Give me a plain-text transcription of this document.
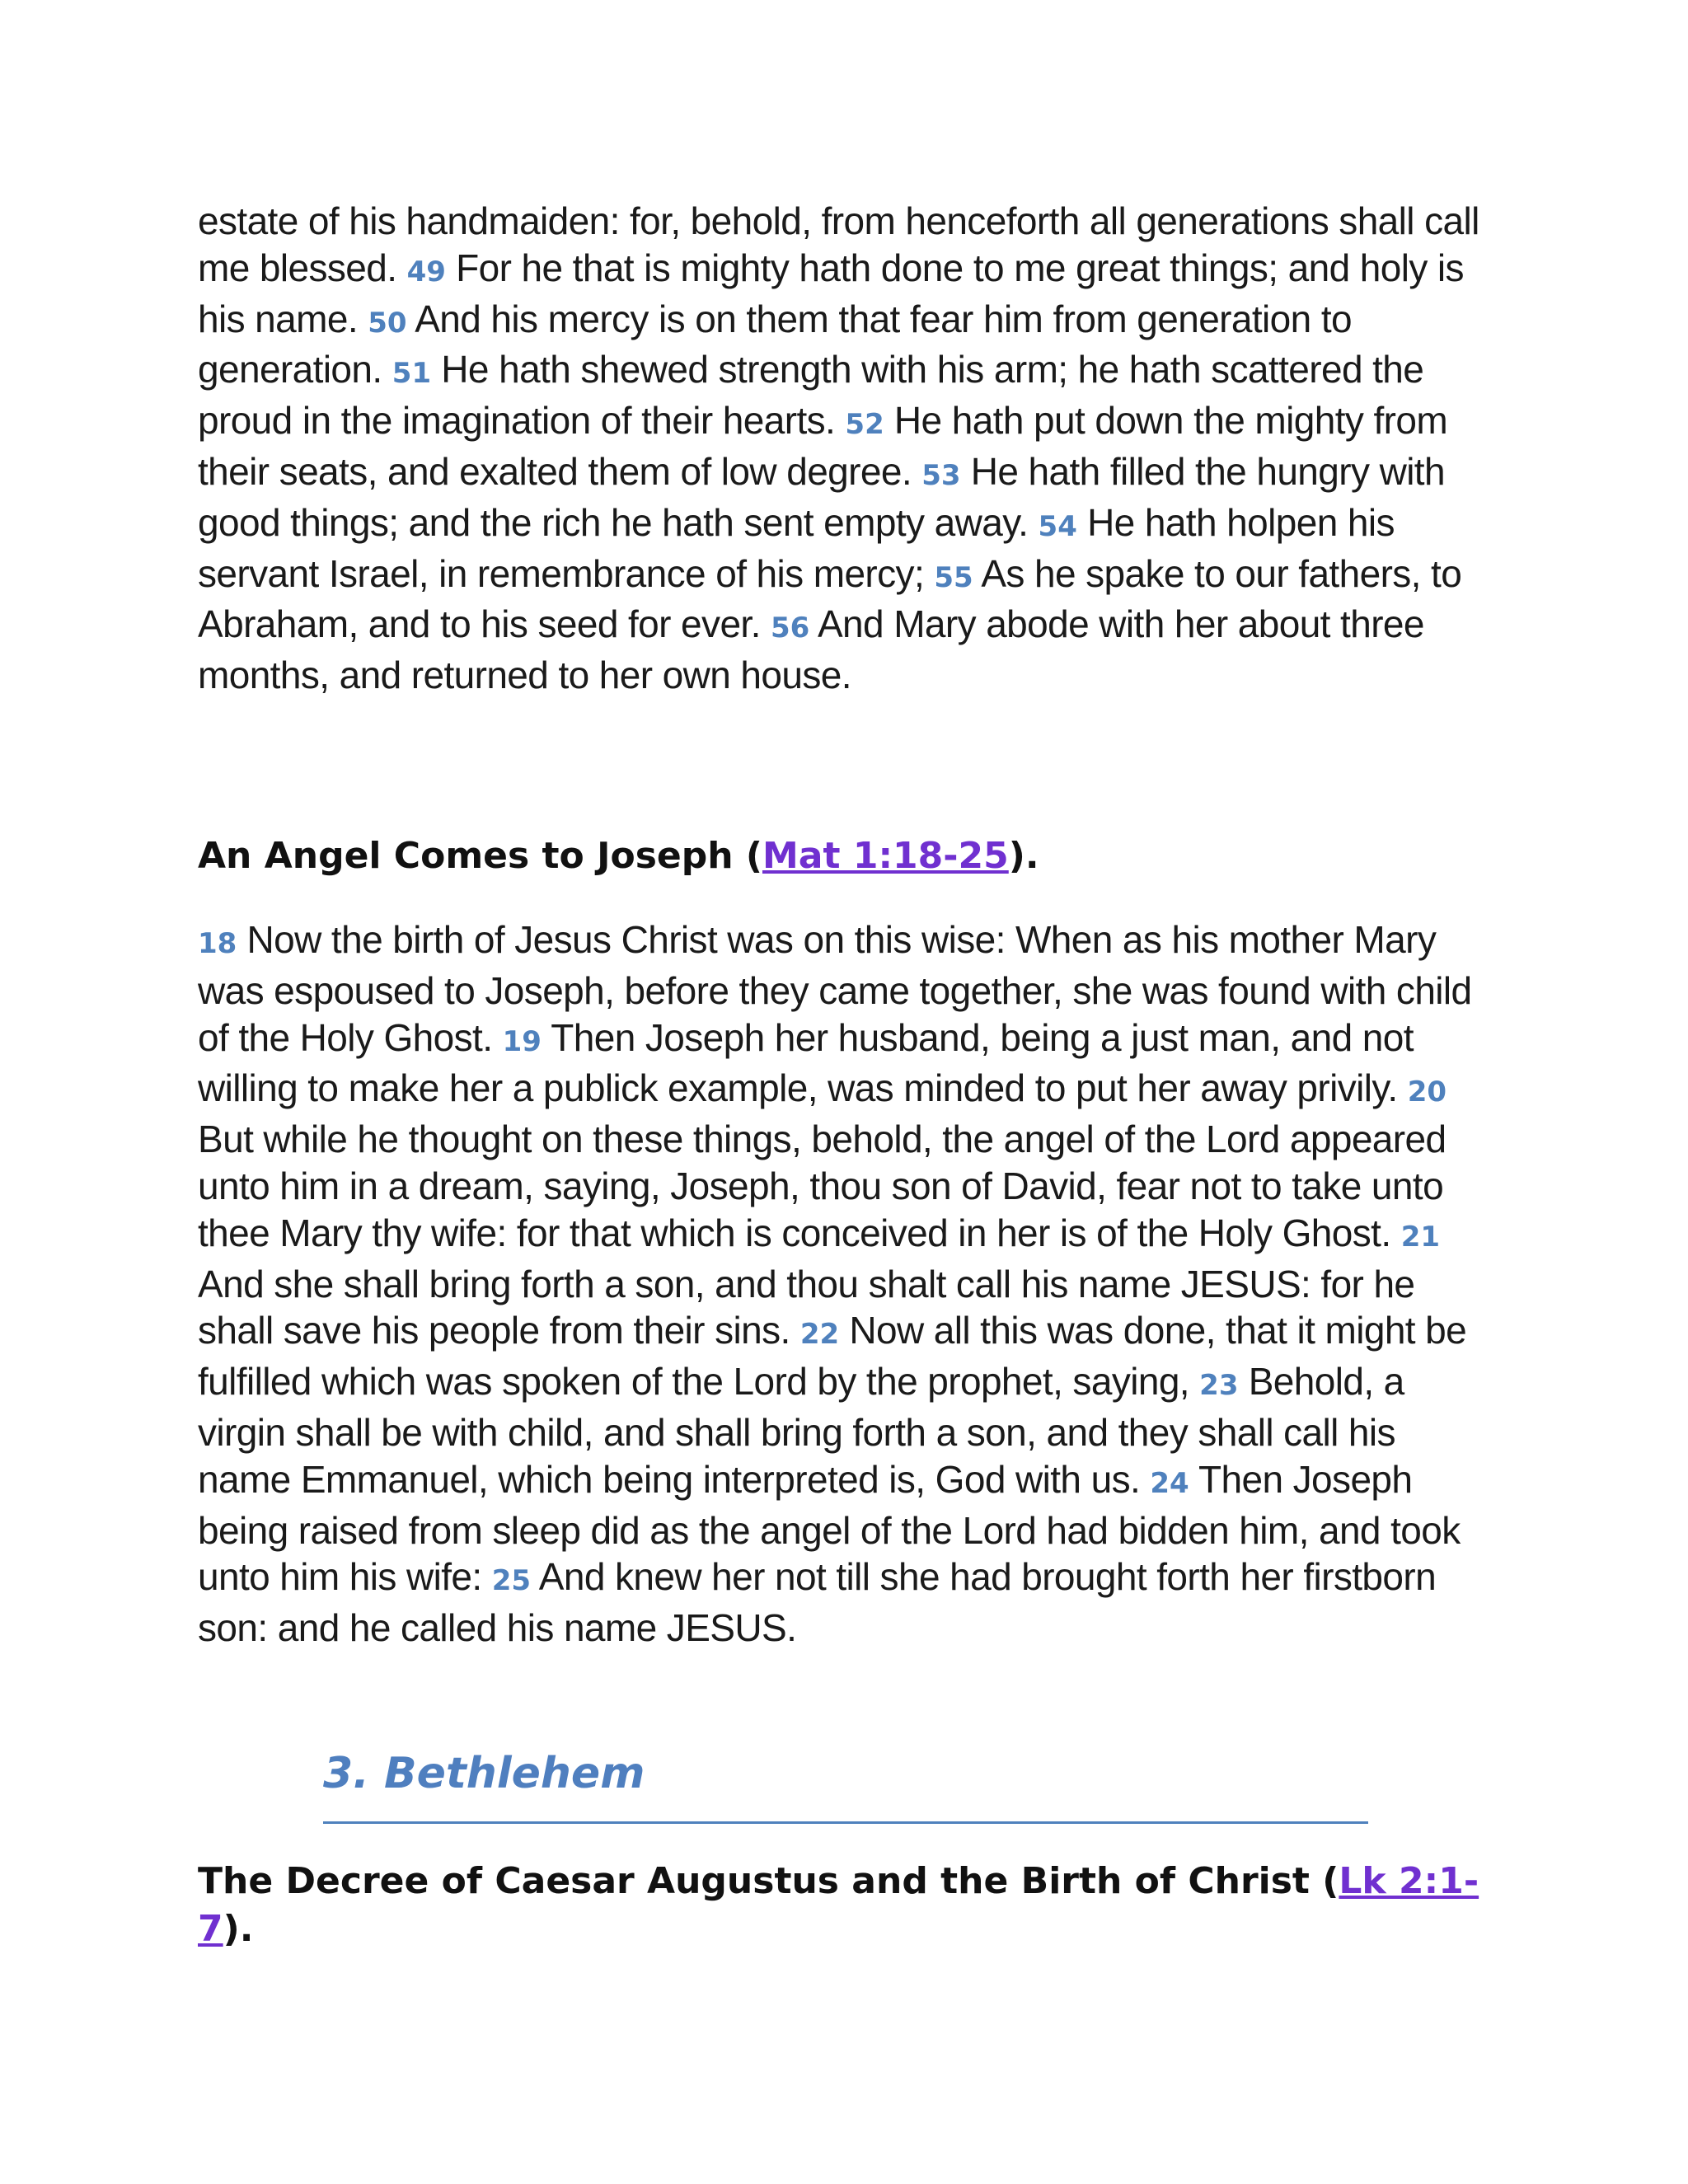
estate of his handmaiden: for, behold, from henceforth all generations shall call me blessed. 49 For he that is mighty hath done to me great things; and holy is his name. 50 And his mercy is on them that fear him from generation to generation. 51 He hath shewed strength with his arm; he hath scattered the proud in the imagination of their hearts. 52 He hath put down the mighty from their seats, and exalted them of low degree. 53 He hath filled the hungry with good things; and the rich he hath sent empty away. 54 He hath holpen his servant Israel, in remembrance of his mercy; 55 As he spake to our fathers, to Abraham, and to his seed for ever. 56 And Mary abode with her about three months, and returned to her own house.

An Angel Comes to Joseph (Mat 1:18-25).

18 Now the birth of Jesus Christ was on this wise: When as his mother Mary was espoused to Joseph, before they came together, she was found with child of the Holy Ghost. 19 Then Joseph her husband, being a just man, and not willing to make her a publick example, was minded to put her away privily. 20 But while he thought on these things, behold, the angel of the Lord appeared unto him in a dream, saying, Joseph, thou son of David, fear not to take unto thee Mary thy wife: for that which is conceived in her is of the Holy Ghost. 21 And she shall bring forth a son, and thou shalt call his name JESUS: for he shall save his people from their sins. 22 Now all this was done, that it might be fulfilled which was spoken of the Lord by the prophet, saying, 23 Behold, a virgin shall be with child, and shall bring forth a son, and they shall call his name Emmanuel, which being interpreted is, God with us. 24 Then Joseph being raised from sleep did as the angel of the Lord had bidden him, and took unto him his wife: 25 And knew her not till she had brought forth her firstborn son: and he called his name JESUS.

3. Bethlehem
The Decree of Caesar Augustus and the Birth of Christ (Lk 2:1-7).
